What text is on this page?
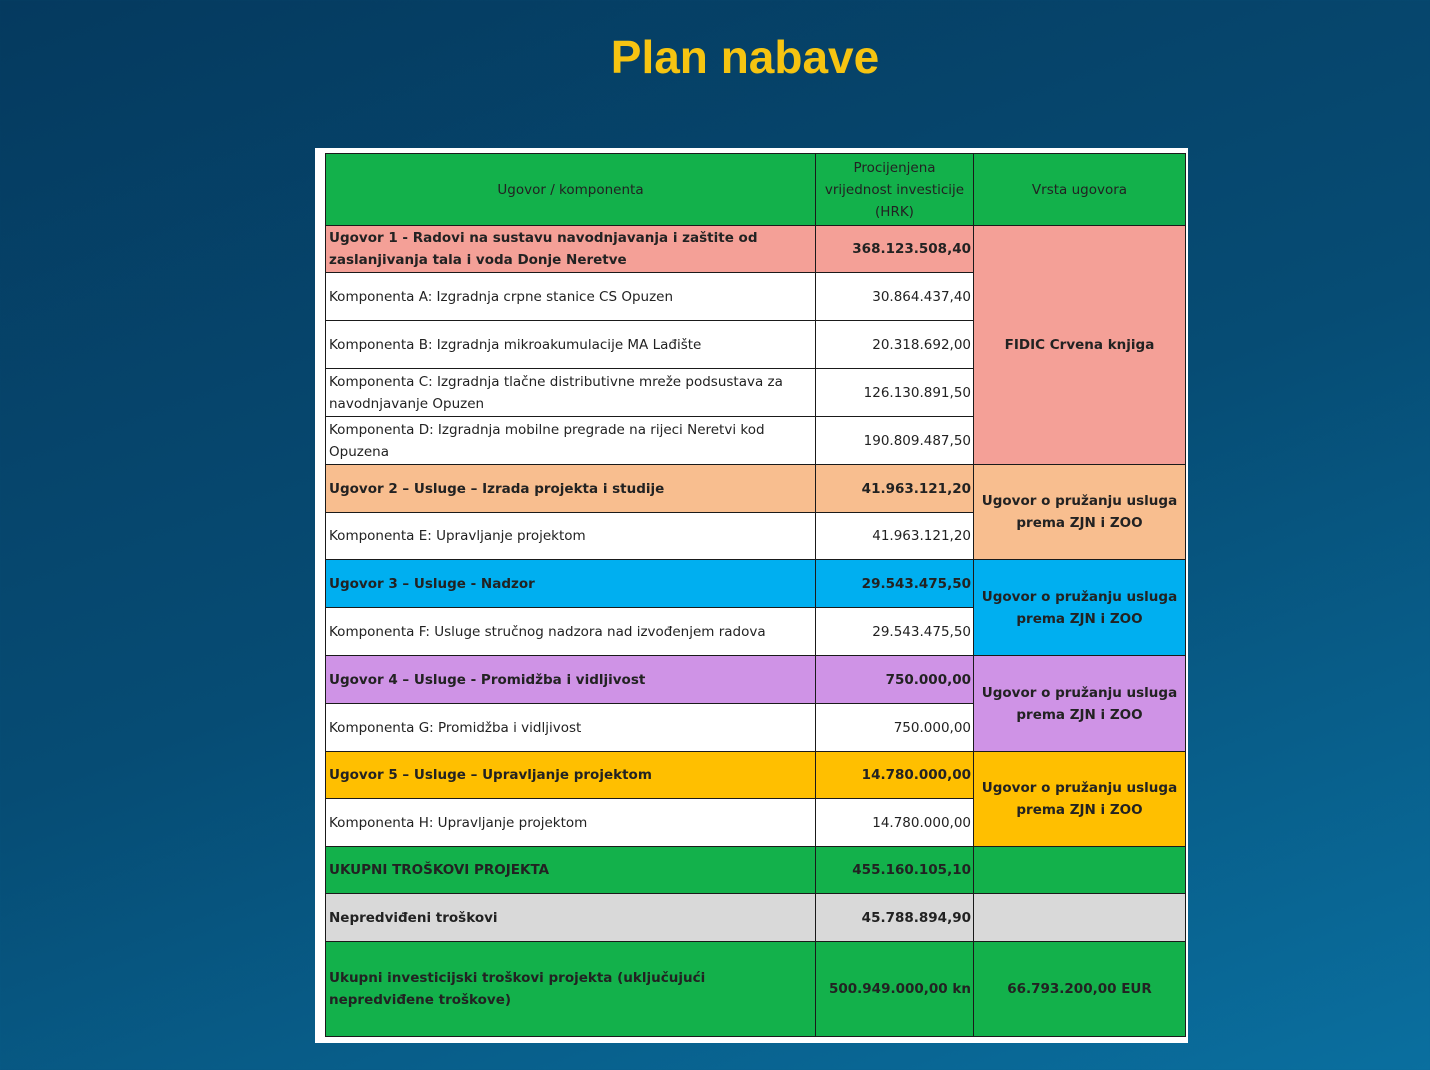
Plan nabave
Ugovor / komponenta	Procijenjena vrijednost investicije (HRK)	Vrsta ugovora
Ugovor 1 - Radovi na sustavu navodnjavanja i zaštite od zaslanjivanja tala i voda Donje Neretve	368.123.508,40	FIDIC Crvena knjiga
Komponenta A: Izgradnja crpne stanice CS Opuzen	30.864.437,40	
Komponenta B: Izgradnja mikroakumulacije MA Lađište	20.318.692,00	
Komponenta C: Izgradnja tlačne distributivne mreže podsustava za navodnjavanje Opuzen	126.130.891,50	
Komponenta D: Izgradnja mobilne pregrade na rijeci Neretvi kod Opuzena	190.809.487,50	
Ugovor 2 – Usluge – Izrada projekta i studije	41.963.121,20	Ugovor o pružanju usluga prema ZJN i ZOO
Komponenta E: Upravljanje projektom	41.963.121,20	
Ugovor 3 – Usluge - Nadzor	29.543.475,50	Ugovor o pružanju usluga prema ZJN i ZOO
Komponenta F: Usluge stručnog nadzora nad izvođenjem radova	29.543.475,50	
Ugovor 4 – Usluge - Promidžba i vidljivost	750.000,00	Ugovor o pružanju usluga prema ZJN i ZOO
Komponenta G: Promidžba i vidljivost	750.000,00	
Ugovor 5 – Usluge – Upravljanje projektom	14.780.000,00	Ugovor o pružanju usluga prema ZJN i ZOO
Komponenta H: Upravljanje projektom	14.780.000,00	
UKUPNI TROŠKOVI PROJEKTA	455.160.105,10	
Nepredviđeni troškovi	45.788.894,90	
Ukupni investicijski troškovi projekta (uključujući nepredviđene troškove)	500.949.000,00 kn	66.793.200,00 EUR
